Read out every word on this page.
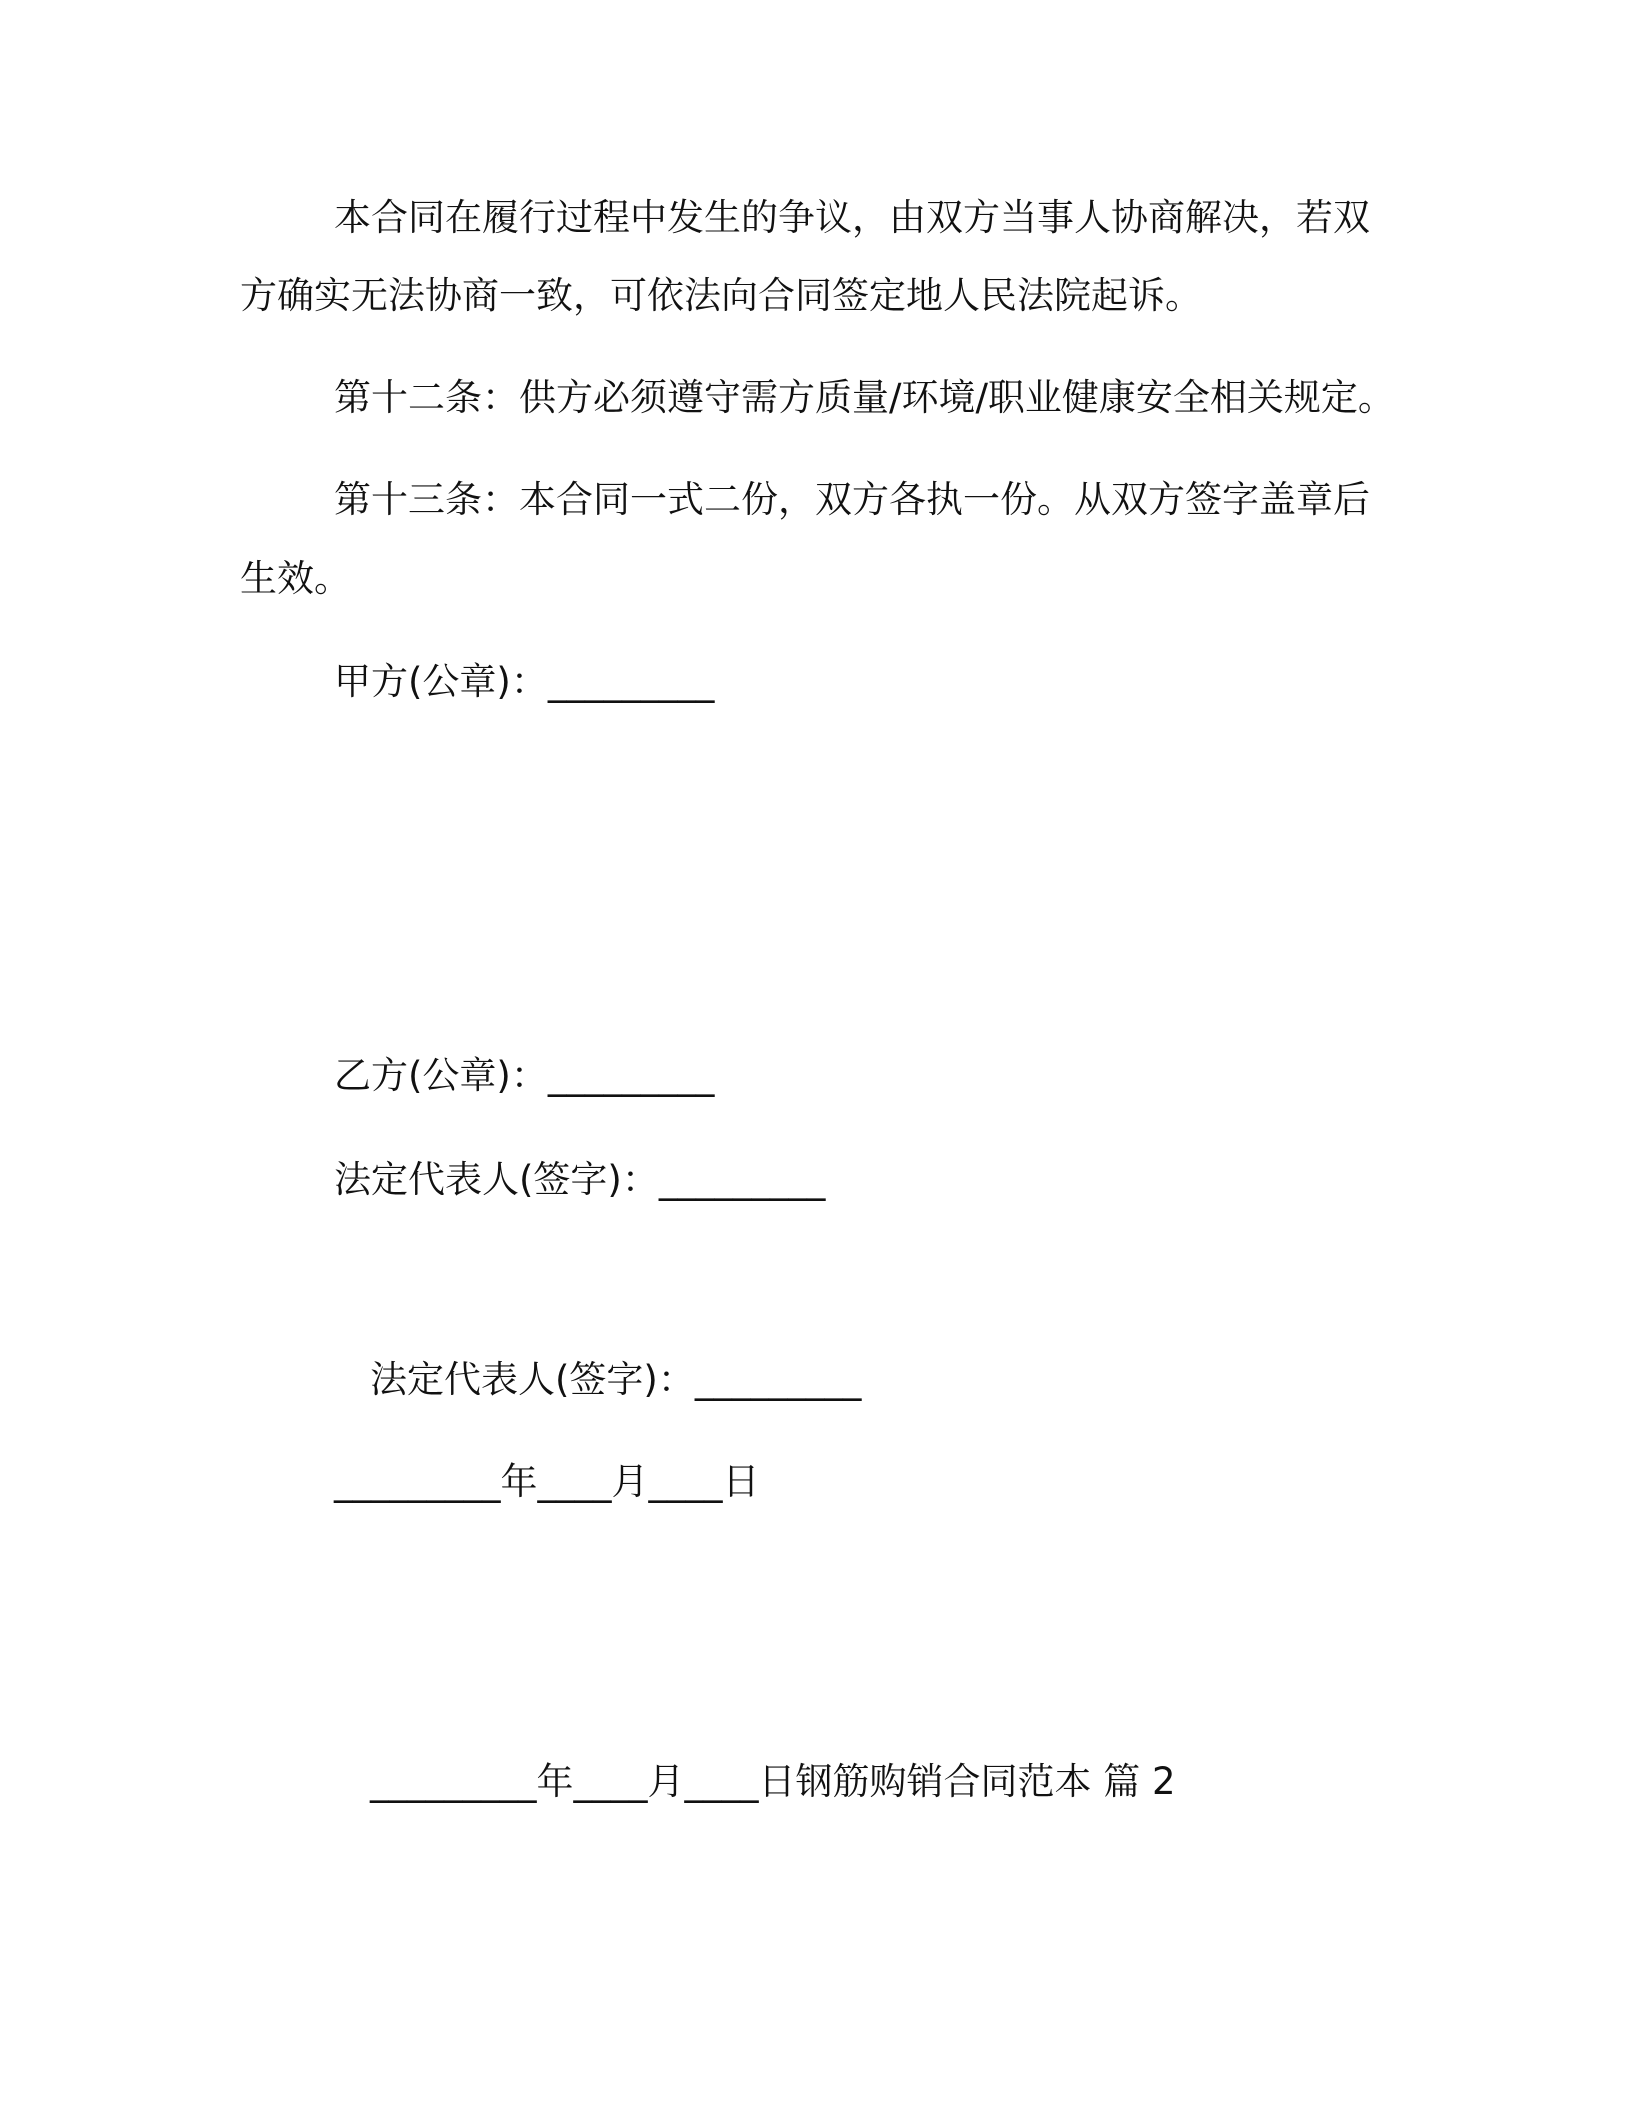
本合同在履行过程中发生的争议，由双方当事人协商解决，若双
方确实无法协商一致，可依法向合同签定地人民法院起诉。
第十二条：供方必须遵守需方质量/环境/职业健康安全相关规定。
第十三条：本合同一式二份，双方各执一份。从双方签字盖章后
生效。
甲方(公章)：_________
乙方(公章)：_________
法定代表人(签字)：_________
法定代表人(签字)：_________
_________年____月____日
_________年____月____日钢筋购销合同范本 篇 2
